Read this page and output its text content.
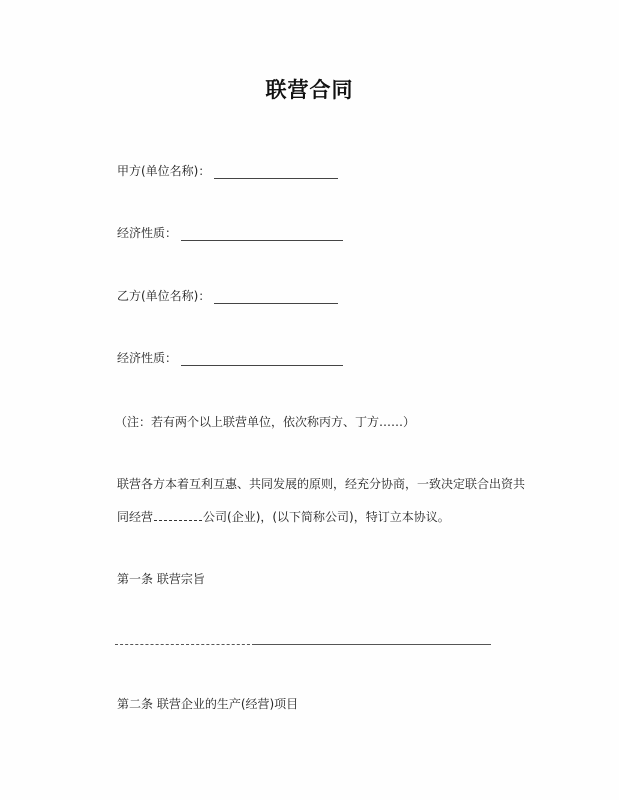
联营合同
甲方(单位名称)：
经济性质：
乙方(单位名称)：
经济性质：
（注：若有两个以上联营单位，依次称丙方、丁方……）
联营各方本着互利互惠、共同发展的原则，经充分协商，一致决定联合出资共
同经营	公司(企业)，(以下简称公司)，特订立本协议。
第一条 联营宗旨
第二条 联营企业的生产(经营)项目
